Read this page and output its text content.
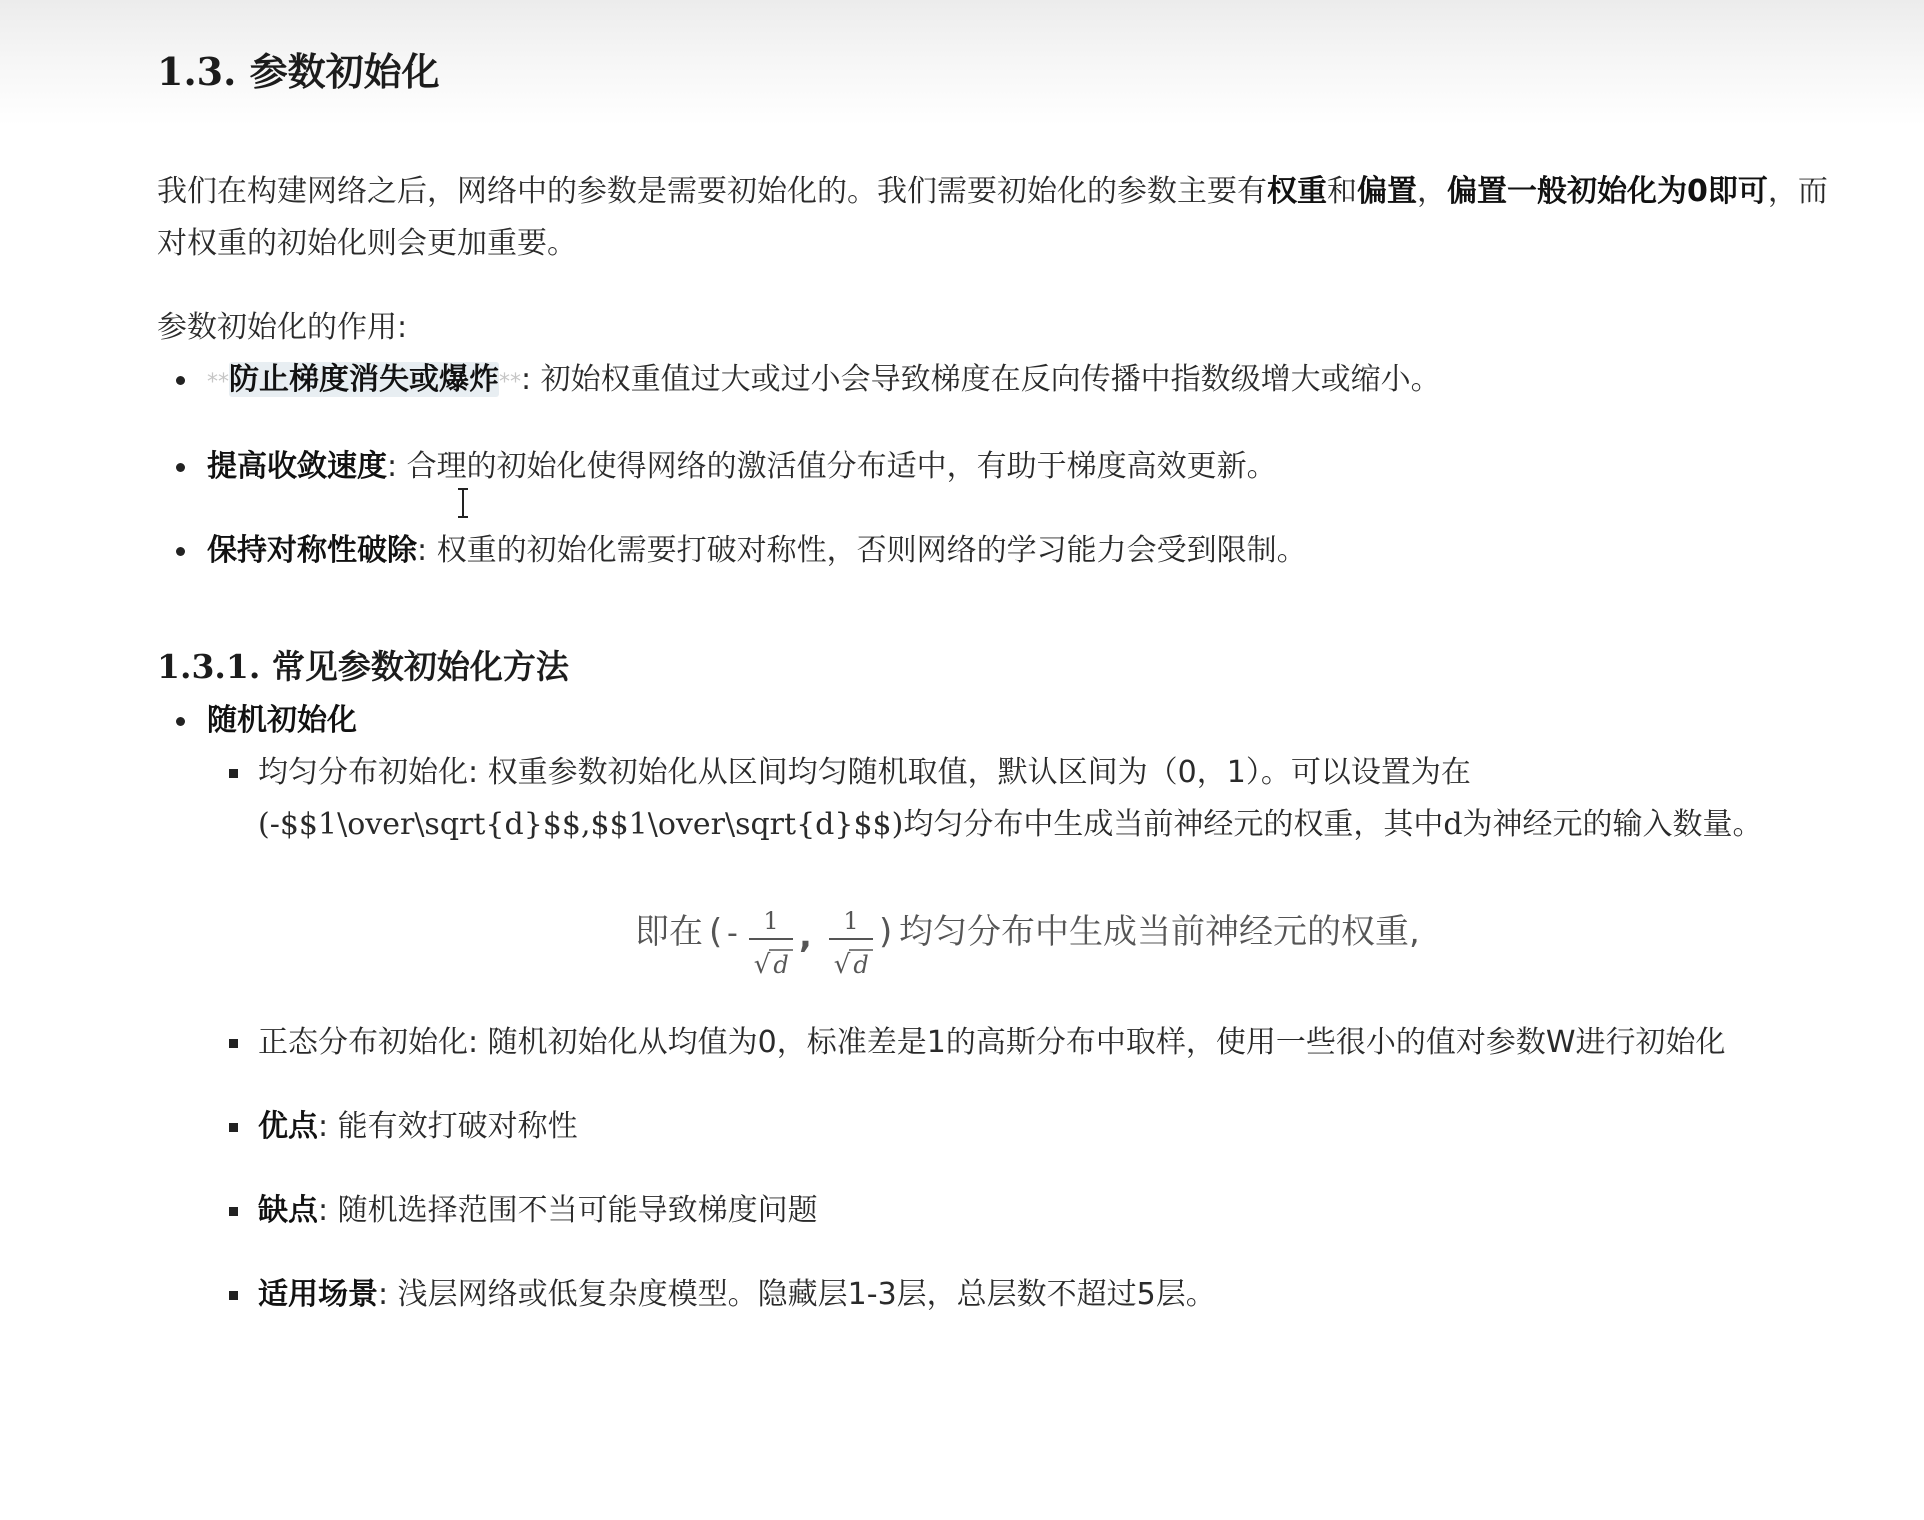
1.3. 参数初始化

我们在构建网络之后，网络中的参数是需要初始化的。我们需要初始化的参数主要有权重和偏置，偏置一般初始化为0即可，而对权重的初始化则会更加重要。

参数初始化的作用:

**防止梯度消失或爆炸**: 初始权重值过大或过小会导致梯度在反向传播中指数级增大或缩小。
提高收敛速度: 合理的初始化使得网络的激活值分布适中，有助于梯度高效更新。
保持对称性破除: 权重的初始化需要打破对称性，否则网络的学习能力会受到限制。
1.3.1. 常见参数初始化方法
随机初始化
均匀分布初始化: 权重参数初始化从区间均匀随机取值，默认区间为（0，1）。可以设置为在
(-$$1\over\sqrt{d}$$,$$1\over\sqrt{d}$$)均匀分布中生成当前神经元的权重，其中d为神经元的输入数量。
即在 ( - 1
√ d
, 1
√ d
) 均匀分布中生成当前神经元的权重,
正态分布初始化: 随机初始化从均值为0，标准差是1的高斯分布中取样，使用一些很小的值对参数W进行初始化
优点: 能有效打破对称性
缺点: 随机选择范围不当可能导致梯度问题
适用场景: 浅层网络或低复杂度模型。隐藏层1-3层，总层数不超过5层。
